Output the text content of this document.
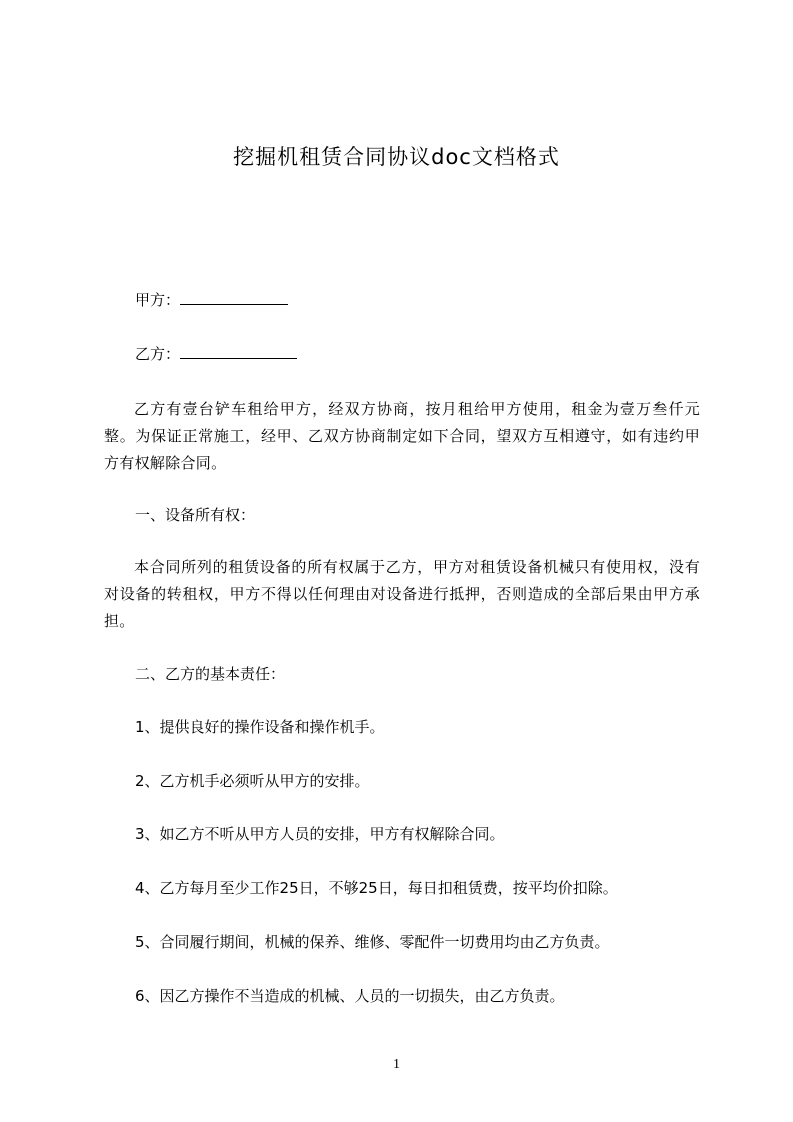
挖掘机租赁合同协议doc文档格式
甲方：
乙方：
乙方有壹台铲车租给甲方，经双方协商，按月租给甲方使用，租金为壹万叁仟元整。为保证正常施工，经甲、乙双方协商制定如下合同，望双方互相遵守，如有违约甲方有权解除合同。
一、设备所有权：
本合同所列的租赁设备的所有权属于乙方，甲方对租赁设备机械只有使用权，没有对设备的转租权，甲方不得以任何理由对设备进行抵押，否则造成的全部后果由甲方承担。
二、乙方的基本责任：
1、提供良好的操作设备和操作机手。
2、乙方机手必须听从甲方的安排。
3、如乙方不听从甲方人员的安排，甲方有权解除合同。
4、乙方每月至少工作25日，不够25日，每日扣租赁费，按平均价扣除。
5、合同履行期间，机械的保养、维修、零配件一切费用均由乙方负责。
6、因乙方操作不当造成的机械、人员的一切损失，由乙方负责。
1
